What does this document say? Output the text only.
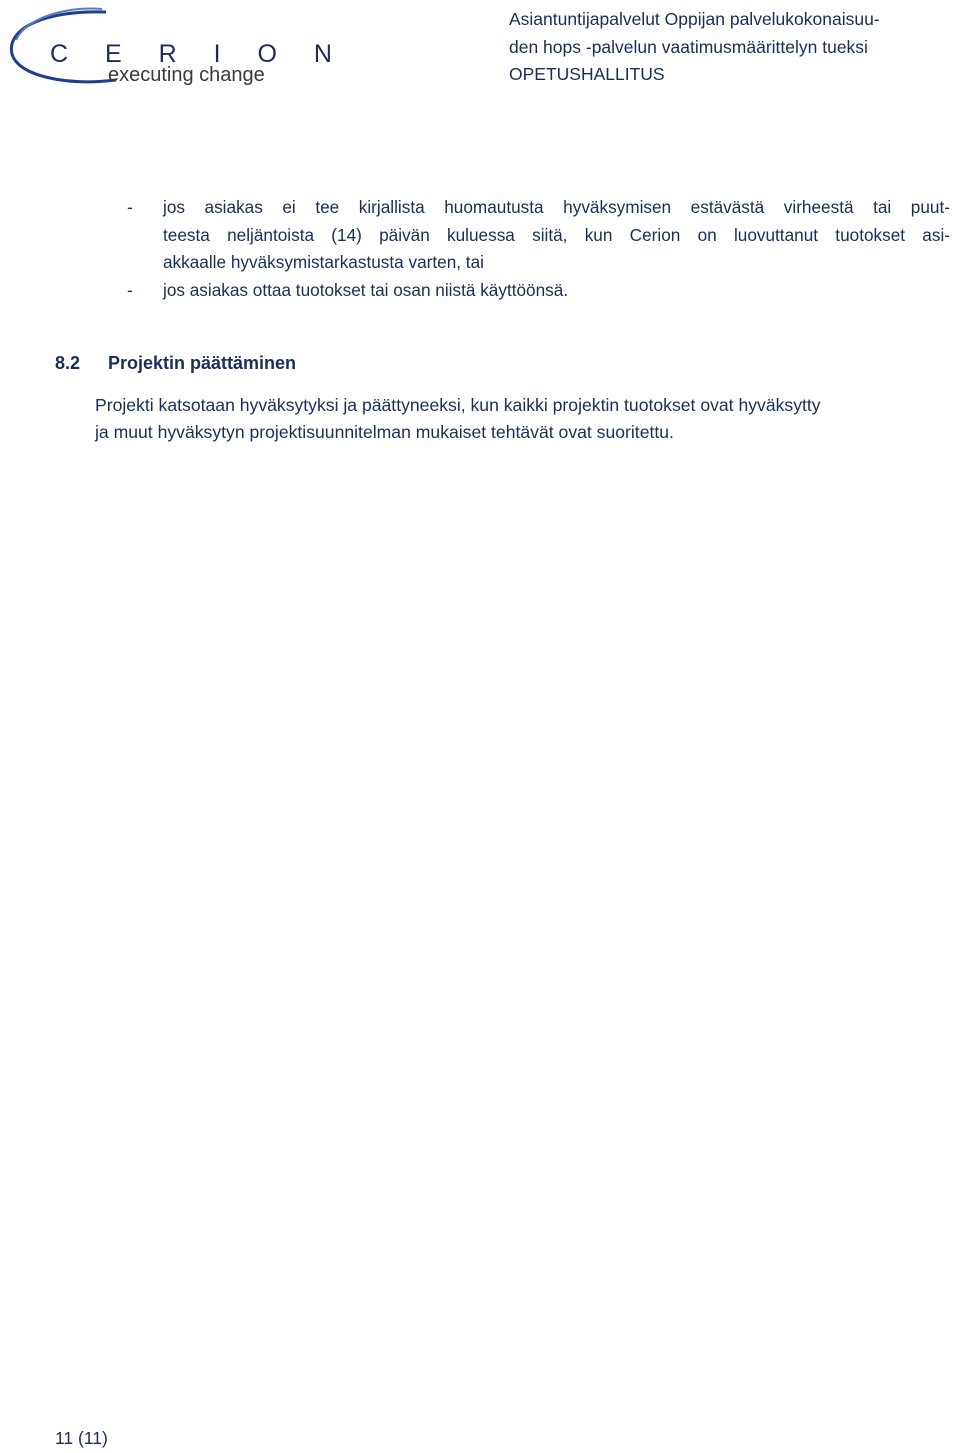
C E R I O N
executing change
Asiantuntijapalvelut Oppijan palvelukokonaisuu-
den hops -palvelun vaatimusmäärittelyn tueksi
OPETUSHALLITUS
- jos asiakas ei tee kirjallista huomautusta hyväksymisen estävästä virheestä tai puut-
teesta neljäntoista (14) päivän kuluessa siitä, kun Cerion on luovuttanut tuotokset asi-
akkaalle hyväksymistarkastusta varten, tai
- jos asiakas ottaa tuotokset tai osan niistä käyttöönsä.
8.2 Projektin päättäminen
Projekti katsotaan hyväksytyksi ja päättyneeksi, kun kaikki projektin tuotokset ovat hyväksytty
ja muut hyväksytyn projektisuunnitelman mukaiset tehtävät ovat suoritettu.
11 (11)
